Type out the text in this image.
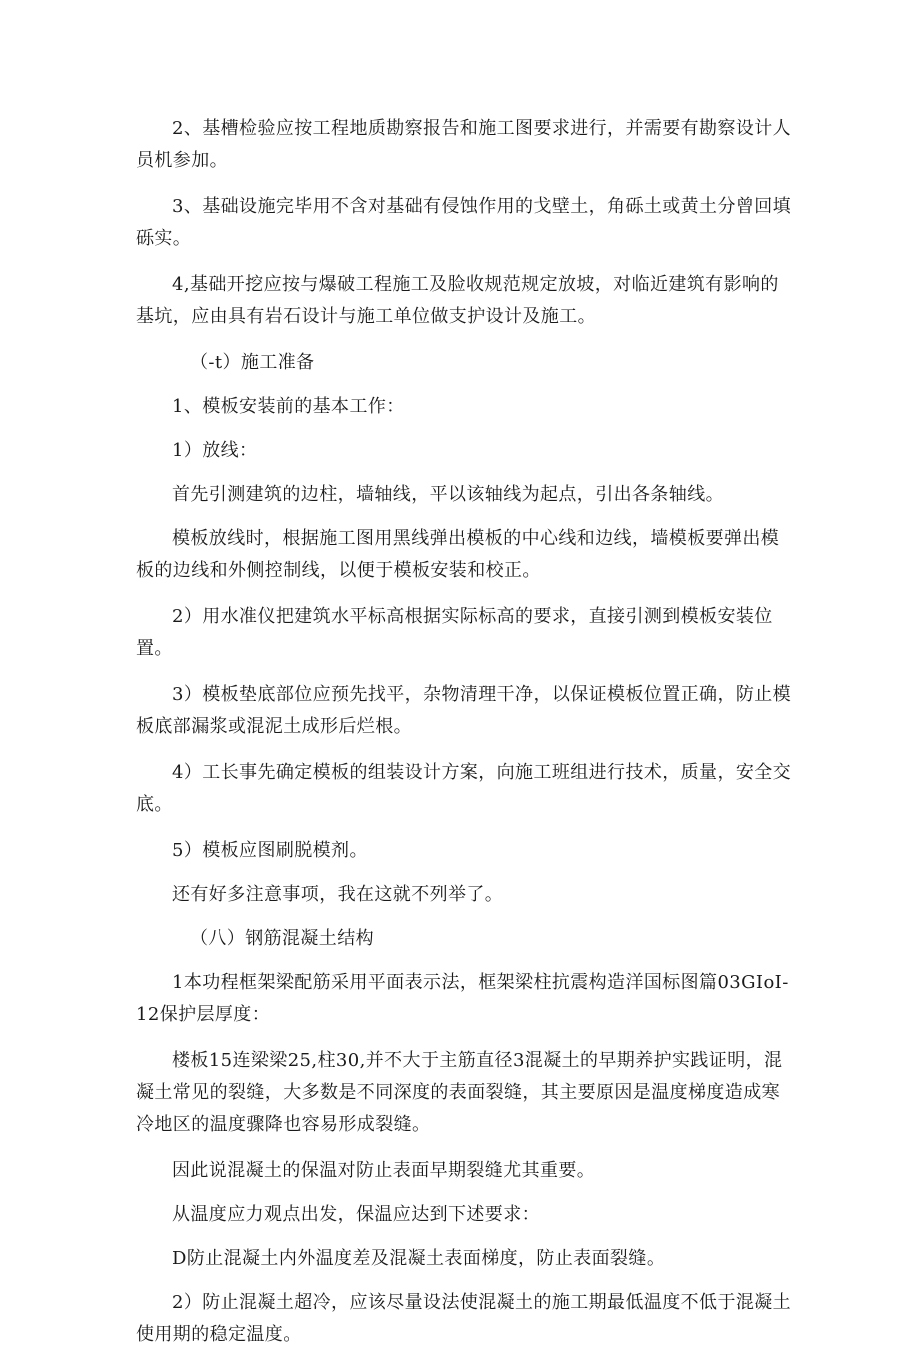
2、基槽检验应按工程地质勘察报告和施工图要求进行，并需要有勘察设计人员机参加。

3、基础设施完毕用不含对基础有侵蚀作用的戈壁土，角砾土或黄土分曾回填砾实。

4,基础开挖应按与爆破工程施工及脸收规范规定放坡，对临近建筑有影响的基坑，应由具有岩石设计与施工单位做支护设计及施工。

（-t）施工准备

1、模板安装前的基本工作：

1）放线：

首先引测建筑的边柱，墙轴线，平以该轴线为起点，引出各条轴线。

模板放线时，根据施工图用黑线弹出模板的中心线和边线，墙模板要弹出模板的边线和外侧控制线，以便于模板安装和校正。

2）用水准仪把建筑水平标高根据实际标高的要求，直接引测到模板安装位置。

3）模板垫底部位应预先找平，杂物清理干净，以保证模板位置正确，防止模板底部漏浆或混泥土成形后烂根。

4）工长事先确定模板的组装设计方案，向施工班组进行技术，质量，安全交底。

5）模板应图刷脱模剂。

还有好多注意事项，我在这就不列举了。

（八）钢筋混凝土结构

1本功程框架梁配筋采用平面表示法，框架梁柱抗震构造洋国标图篇03GIoI-12保护层厚度：

楼板15连梁梁25,柱30,并不大于主筋直径3混凝土的早期养护实践证明，混凝土常见的裂缝，大多数是不同深度的表面裂缝，其主要原因是温度梯度造成寒冷地区的温度骤降也容易形成裂缝。

因此说混凝土的保温对防止表面早期裂缝尤其重要。

从温度应力观点出发，保温应达到下述要求：

D防止混凝土内外温度差及混凝土表面梯度，防止表面裂缝。

2）防止混凝土超冷，应该尽量设法使混凝土的施工期最低温度不低于混凝土使用期的稳定温度。
